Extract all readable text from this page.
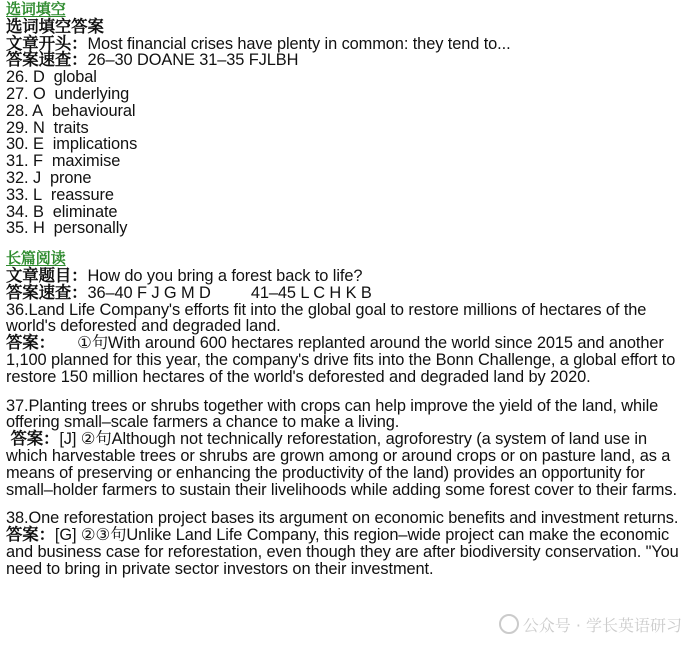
选词填空
选词填空答案
文章开头：Most financial crises have plenty in common: they tend to...
答案速查：26–30 DOANE 31–35 FJLBH
26. D global
27. O underlying
28. A behavioural
29. N traits
30. E implications
31. F maximise
32. J prone
33. L reassure
34. B eliminate
35. H personally
长篇阅读
文章题目：How do you bring a forest back to life?
答案速查：36–40 F J G M D         41–45 L C H K B
36.Land Life Company's efforts fit into the global goal to restore millions of hectares of the world's deforested and degraded land.
答案： ①句With around 600 hectares replanted around the world since 2015 and another 1,100 planned for this year, the company's drive fits into the Bonn Challenge, a global effort to restore 150 million hectares of the world's deforested and degraded land by 2020.
37.Planting trees or shrubs together with crops can help improve the yield of the land, while offering small–scale farmers a chance to make a living.
答案：[J] ②句Although not technically reforestation, agroforestry (a system of land use in which harvestable trees or shrubs are grown among or around crops or on pasture land, as a means of preserving or enhancing the productivity of the land) provides an opportunity for small–holder farmers to sustain their livelihoods while adding some forest cover to their farms.
38.One reforestation project bases its argument on economic benefits and investment returns.
答案：[G] ②③句Unlike Land Life Company, this region–wide project can make the economic and business case for reforestation, even though they are after biodiversity conservation. "You need to bring in private sector investors on their investment.
公众号 · 学长英语研习
